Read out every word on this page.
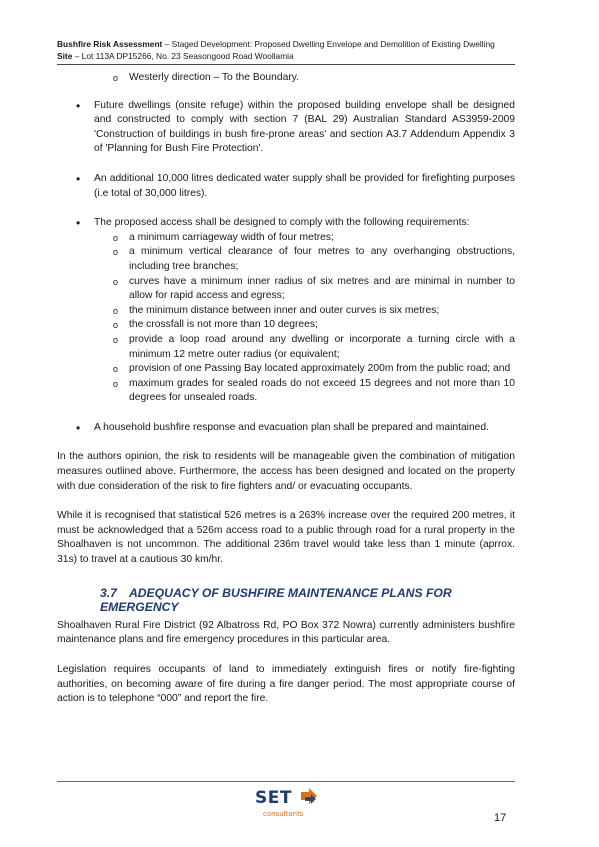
Bushfire Risk Assessment – Staged Development: Proposed Dwelling Envelope and Demolition of Existing Dwelling
Site – Lot 113A DP15266, No. 23 Seasongood Road Woollamia
o Westerly direction – To the Boundary.
• Future dwellings (onsite refuge) within the proposed building envelope shall be designed and constructed to comply with section 7 (BAL 29) Australian Standard AS3959-2009 'Construction of buildings in bush fire-prone areas' and section A3.7 Addendum Appendix 3 of 'Planning for Bush Fire Protection'.
• An additional 10,000 litres dedicated water supply shall be provided for firefighting purposes (i.e total of 30,000 litres).
• The proposed access shall be designed to comply with the following requirements:
o a minimum carriageway width of four metres;
o a minimum vertical clearance of four metres to any overhanging obstructions, including tree branches;
o curves have a minimum inner radius of six metres and are minimal in number to allow for rapid access and egress;
o the minimum distance between inner and outer curves is six metres;
o the crossfall is not more than 10 degrees;
o provide a loop road around any dwelling or incorporate a turning circle with a minimum 12 metre outer radius (or equivalent;
o provision of one Passing Bay located approximately 200m from the public road; and
o maximum grades for sealed roads do not exceed 15 degrees and not more than 10 degrees for unsealed roads.
• A household bushfire response and evacuation plan shall be prepared and maintained.

In the authors opinion, the risk to residents will be manageable given the combination of mitigation measures outlined above. Furthermore, the access has been designed and located on the property with due consideration of the risk to fire fighters and/ or evacuating occupants.

While it is recognised that statistical 526 metres is a 263% increase over the required 200 metres, it must be acknowledged that a 526m access road to a public through road for a rural property in the Shoalhaven is not uncommon. The additional 236m travel would take less than 1 minute (aprrox. 31s) to travel at a cautious 30 km/hr.

3.7 ADEQUACY OF BUSHFIRE MAINTENANCE PLANS FOR EMERGENCY

Shoalhaven Rural Fire District (92 Albatross Rd, PO Box 372 Nowra) currently administers bushfire maintenance plans and fire emergency procedures in this particular area.

Legislation requires occupants of land to immediately extinguish fires or notify fire-fighting authorities, on becoming aware of fire during a fire danger period. The most appropriate course of action is to telephone “000” and report the fire.

SET
consultants	17
